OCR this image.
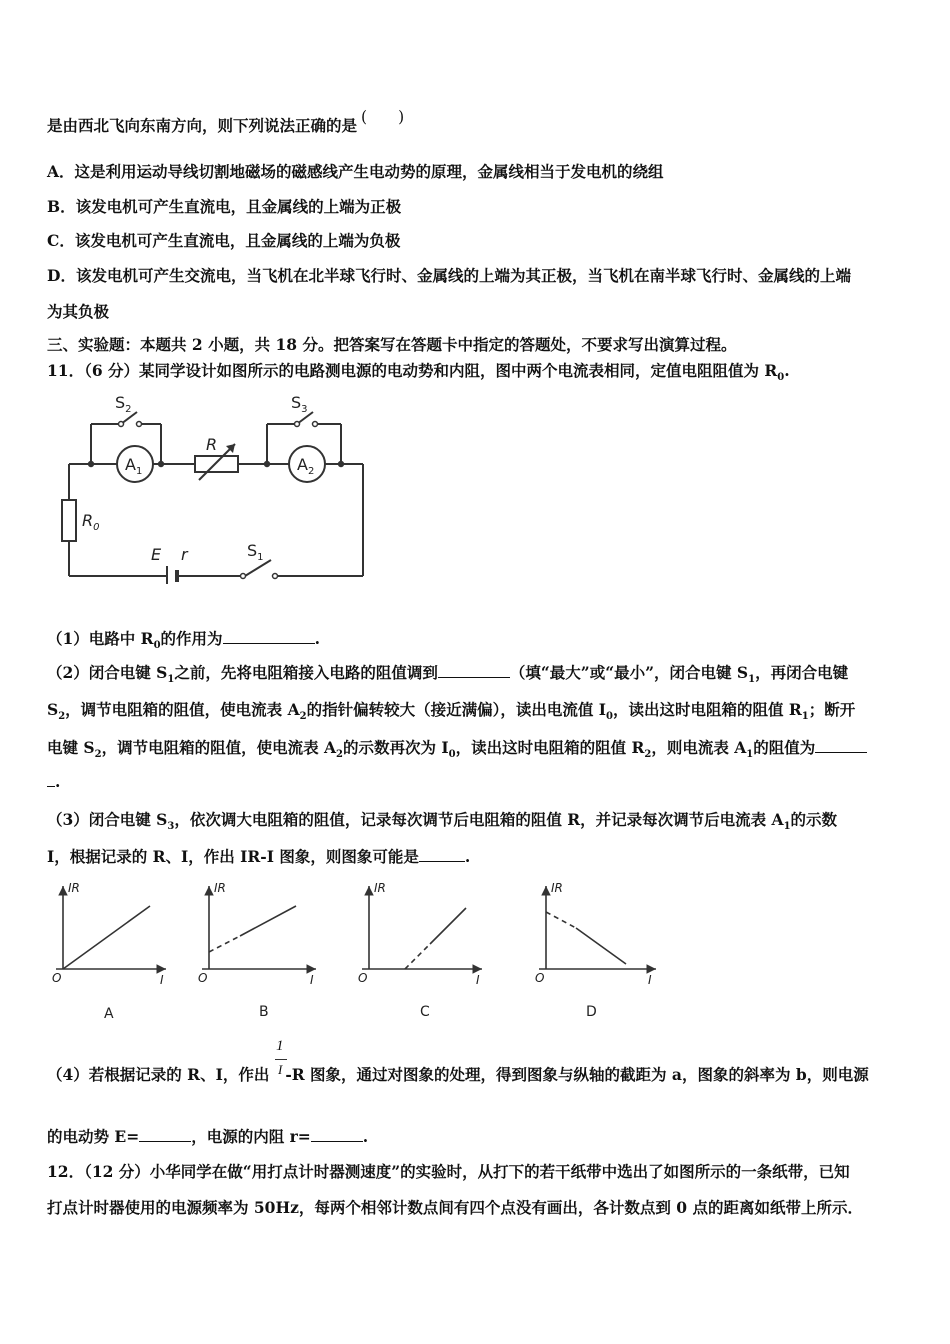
是由西北飞向东南方向，则下列说法正确的是 (　　)
A．这是利用运动导线切割地磁场的磁感线产生电动势的原理，金属线相当于发电机的绕组
B．该发电机可产生直流电，且金属线的上端为正极
C．该发电机可产生直流电，且金属线的上端为负极
D．该发电机可产生交流电，当飞机在北半球飞行时、金属线的上端为其正极，当飞机在南半球飞行时、金属线的上端
为其负极
三、实验题：本题共 2 小题，共 18 分。把答案写在答题卡中指定的答题处，不要求写出演算过程。
11．（6 分）某同学设计如图所示的电路测电源的电动势和内阻，图中两个电流表相同，定值电阻阻值为 $R_0$.
$S_2$	$S_3$
R
$A_1$	$A_2$
$R_0$
E r	$S_1$
（1）电路中 $R_0$的作用为	.
（2）闭合电键 $S_1$之前，先将电阻箱接入电路的阻值调到	（填“最大”或“最小”，闭合电键 $S_1$，再闭合电键
$S_2$，调节电阻箱的阻值，使电流表 $A_2$的指针偏转较大（接近满偏），读出电流值 $I_0$，读出这时电阻箱的阻值 $R_1$；断开
电键 $S_2$，调节电阻箱的阻值，使电流表 $A_2$的示数再次为 $I_0$，读出这时电阻箱的阻值 $R_2$，则电流表 $A_1$的阻值为
.
（3）闭合电键 $S_3$，依次调大电阻箱的阻值，记录每次调节后电阻箱的阻值 R，并记录每次调节后电流表 $A_1$的示数
I，根据记录的 R、I，作出 IR-I 图象，则图象可能是	.
IR
I
O
IR
I
O
IR
I
O
IR
I
O
A	B	C	D
1
I
（4）若根据记录的 R、I，作出 -R 图象，通过对图象的处理，得到图象与纵轴的截距为 a，图象的斜率为 b，则电源
的电动势 E=	，电源的内阻 r=	.
12．（12 分）小华同学在做“用打点计时器测速度”的实验时，从打下的若干纸带中选出了如图所示的一条纸带，已知
打点计时器使用的电源频率为 50Hz，每两个相邻计数点间有四个点没有画出，各计数点到 0 点的距离如纸带上所示．
